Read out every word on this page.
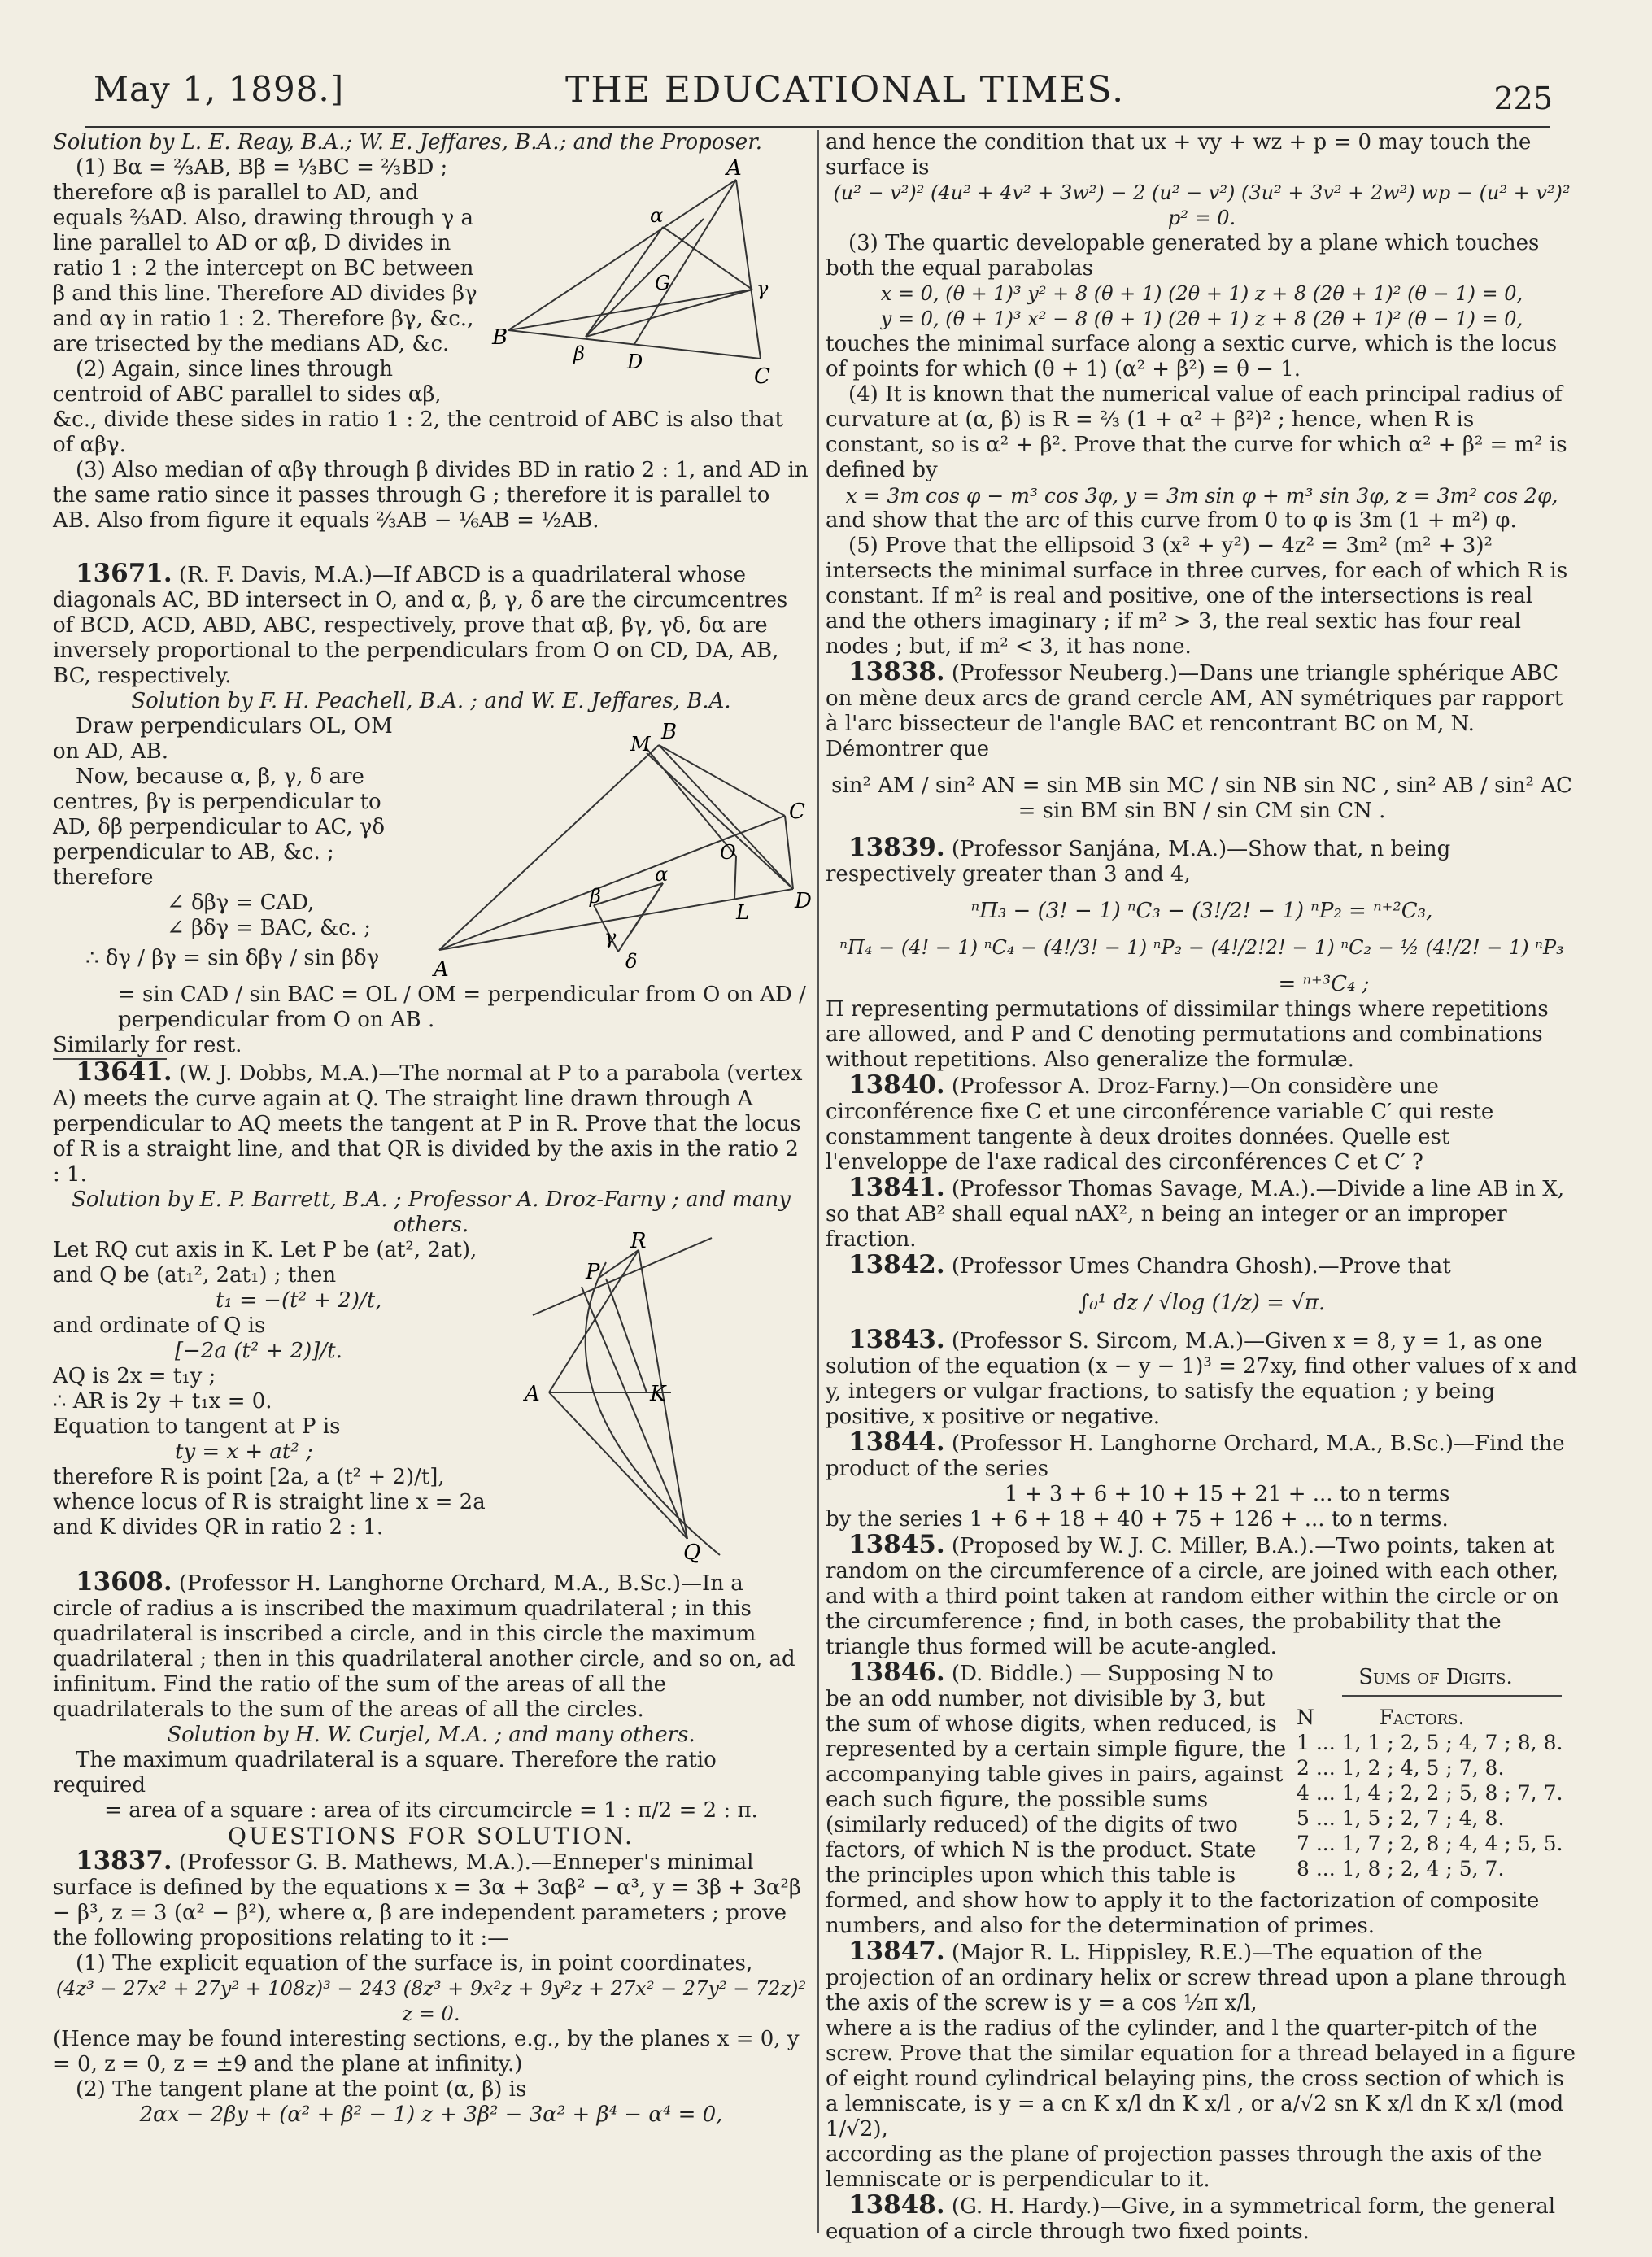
May 1, 1898.]	THE EDUCATIONAL TIMES.	225
Solution by L. E. Reay, B.A.; W. E. Jeffares, B.A.; and the Proposer.
A
B
C
D
G
α
β
γ

(1) Bα = ⅔AB, Bβ = ⅓BC = ⅔BD ; therefore αβ is parallel to AD, and equals ⅔AD. Also, drawing through γ a line parallel to AD or αβ, D divides in ratio 1 : 2 the intercept on BC between β and this line. Therefore AD divides βγ and αγ in ratio 1 : 2. Therefore βγ, &c., are trisected by the medians AD, &c.

(2) Again, since lines through centroid of ABC parallel to sides αβ, &c., divide these sides in ratio 1 : 2, the centroid of ABC is also that of αβγ.

(3) Also median of αβγ through β divides BD in ratio 2 : 1, and AD in the same ratio since it passes through G ; therefore it is parallel to AB. Also from figure it equals ⅔AB − ⅙AB = ½AB.

13671. (R. F. Davis, M.A.)—If ABCD is a quadrilateral whose diagonals AC, BD intersect in O, and α, β, γ, δ are the circumcentres of BCD, ACD, ABD, ABC, respectively, prove that αβ, βγ, γδ, δα are inversely proportional to the perpendiculars from O on CD, DA, AB, BC, respectively.

Solution by F. H. Peachell, B.A. ; and W. E. Jeffares, B.A.
A
B
C
D
M
O
L
α
β
γ
δ

Draw perpendiculars OL, OM on AD, AB.

Now, because α, β, γ, δ are centres, βγ is perpendicular to AD, δβ perpendicular to AC, γδ perpendicular to AB, &c. ; therefore

∠ δβγ = CAD,

∠ βδγ = BAC, &c. ;

∴ δγ / βγ = sin δβγ / sin βδγ

= sin CAD / sin BAC = OL / OM = perpendicular from O on AD / perpendicular from O on AB .

Similarly for rest.

13641. (W. J. Dobbs, M.A.)—The normal at P to a parabola (vertex A) meets the curve again at Q. The straight line drawn through A perpendicular to AQ meets the tangent at P in R. Prove that the locus of R is a straight line, and that QR is divided by the axis in the ratio 2 : 1.

Solution by E. P. Barrett, B.A. ; Professor A. Droz-Farny ; and many others.
R
P
A	K
Q

Let RQ cut axis in K. Let P be (at², 2at), and Q be (at₁², 2at₁) ; then

t₁ = −(t² + 2)/t,

and ordinate of Q is

[−2a (t² + 2)]/t.

AQ is 2x = t₁y ;

∴ AR is 2y + t₁x = 0.

Equation to tangent at P is

ty = x + at² ;

therefore R is point [2a, a (t² + 2)/t], whence locus of R is straight line x = 2a and K divides QR in ratio 2 : 1.

13608. (Professor H. Langhorne Orchard, M.A., B.Sc.)—In a circle of radius a is inscribed the maximum quadrilateral ; in this quadrilateral is inscribed a circle, and in this circle the maximum quadrilateral ; then in this quadrilateral another circle, and so on, ad infinitum. Find the ratio of the sum of the areas of all the quadrilaterals to the sum of the areas of all the circles.

Solution by H. W. Curjel, M.A. ; and many others.

The maximum quadrilateral is a square. Therefore the ratio required

= area of a square : area of its circumcircle = 1 : π/2 = 2 : π.

QUESTIONS FOR SOLUTION.

13837. (Professor G. B. Mathews, M.A.).—Enneper's minimal surface is defined by the equations x = 3α + 3αβ² − α³, y = 3β + 3α²β − β³, z = 3 (α² − β²), where α, β are independent parameters ; prove the following propositions relating to it :—

(1) The explicit equation of the surface is, in point coordinates,

(4z³ − 27x² + 27y² + 108z)³ − 243 (8z³ + 9x²z + 9y²z + 27x² − 27y² − 72z)² z = 0.

(Hence may be found interesting sections, e.g., by the planes x = 0, y = 0, z = 0, z = ±9 and the plane at infinity.)

(2) The tangent plane at the point (α, β) is

2αx − 2βy + (α² + β² − 1) z + 3β² − 3α² + β⁴ − α⁴ = 0,

and hence the condition that ux + vy + wz + p = 0 may touch the surface is

(u² − v²)² (4u² + 4v² + 3w²) − 2 (u² − v²) (3u² + 3v² + 2w²) wp − (u² + v²)² p² = 0.

(3) The quartic developable generated by a plane which touches both the equal parabolas

x = 0, (θ + 1)³ y² + 8 (θ + 1) (2θ + 1) z + 8 (2θ + 1)² (θ − 1) = 0,

y = 0, (θ + 1)³ x² − 8 (θ + 1) (2θ + 1) z + 8 (2θ + 1)² (θ − 1) = 0,

touches the minimal surface along a sextic curve, which is the locus of points for which (θ + 1) (α² + β²) = θ − 1.

(4) It is known that the numerical value of each principal radius of curvature at (α, β) is R = ⅔ (1 + α² + β²)² ; hence, when R is constant, so is α² + β². Prove that the curve for which α² + β² = m² is defined by

x = 3m cos φ − m³ cos 3φ, y = 3m sin φ + m³ sin 3φ, z = 3m² cos 2φ,

and show that the arc of this curve from 0 to φ is 3m (1 + m²) φ.

(5) Prove that the ellipsoid 3 (x² + y²) − 4z² = 3m² (m² + 3)² intersects the minimal surface in three curves, for each of which R is constant. If m² is real and positive, one of the intersections is real and the others imaginary ; if m² > 3, the real sextic has four real nodes ; but, if m² < 3, it has none.

13838. (Professor Neuberg.)—Dans une triangle sphérique ABC on mène deux arcs de grand cercle AM, AN symétriques par rapport à l'arc bissecteur de l'angle BAC et rencontrant BC on M, N. Démontrer que

sin² AM / sin² AN = sin MB sin MC / sin NB sin NC , sin² AB / sin² AC = sin BM sin BN / sin CM sin CN .

13839. (Professor Sanjána, M.A.)—Show that, n being respectively greater than 3 and 4,

ⁿΠ₃ − (3! − 1) ⁿC₃ − (3!/2! − 1) ⁿP₂ = ⁿ⁺²C₃,

ⁿΠ₄ − (4! − 1) ⁿC₄ − (4!/3! − 1) ⁿP₂ − (4!/2!2! − 1) ⁿC₂ − ½ (4!/2! − 1) ⁿP₃

= ⁿ⁺³C₄ ;

Π representing permutations of dissimilar things where repetitions are allowed, and P and C denoting permutations and combinations without repetitions. Also generalize the formulæ.

13840. (Professor A. Droz-Farny.)—On considère une circonférence fixe C et une circonférence variable C′ qui reste constamment tangente à deux droites données. Quelle est l'enveloppe de l'axe radical des circonférences C et C′ ?

13841. (Professor Thomas Savage, M.A.).—Divide a line AB in X, so that AB² shall equal nAX², n being an integer or an improper fraction.

13842. (Professor Umes Chandra Ghosh).—Prove that

∫₀¹ dz / √log (1/z) = √π.

13843. (Professor S. Sircom, M.A.)—Given x = 8, y = 1, as one solution of the equation (x − y − 1)³ = 27xy, find other values of x and y, integers or vulgar fractions, to satisfy the equation ; y being positive, x positive or negative.

13844. (Professor H. Langhorne Orchard, M.A., B.Sc.)—Find the product of the series

1 + 3 + 6 + 10 + 15 + 21 + ... to n terms

by the series 1 + 6 + 18 + 40 + 75 + 126 + ... to n terms.

13845. (Proposed by W. J. C. Miller, B.A.).—Two points, taken at random on the circumference of a circle, are joined with each other, and with a third point taken at random either within the circle or on the circumference ; find, in both cases, the probability that the triangle thus formed will be acute-angled.

Sums of Digits.
N	Factors.
1 ...	1, 1 ; 2, 5 ; 4, 7 ; 8, 8.
2 ...	1, 2 ; 4, 5 ; 7, 8.
4 ...	1, 4 ; 2, 2 ; 5, 8 ; 7, 7.
5 ...	1, 5 ; 2, 7 ; 4, 8.
7 ...	1, 7 ; 2, 8 ; 4, 4 ; 5, 5.
8 ...	1, 8 ; 2, 4 ; 5, 7.

13846. (D. Biddle.) — Supposing N to be an odd number, not divisible by 3, but the sum of whose digits, when reduced, is represented by a certain simple figure, the accompanying table gives in pairs, against each such figure, the possible sums (similarly reduced) of the digits of two factors, of which N is the product. State the principles upon which this table is formed, and show how to apply it to the factorization of composite numbers, and also for the determination of primes.

13847. (Major R. L. Hippisley, R.E.)—The equation of the projection of an ordinary helix or screw thread upon a plane through the axis of the screw is y = a cos ½π x/l,

where a is the radius of the cylinder, and l the quarter-pitch of the screw. Prove that the similar equation for a thread belayed in a figure of eight round cylindrical belaying pins, the cross section of which is a lemniscate, is y = a cn K x/l dn K x/l , or a/√2 sn K x/l dn K x/l (mod 1/√2),

according as the plane of projection passes through the axis of the lemniscate or is perpendicular to it.

13848. (G. H. Hardy.)—Give, in a symmetrical form, the general equation of a circle through two fixed points.
